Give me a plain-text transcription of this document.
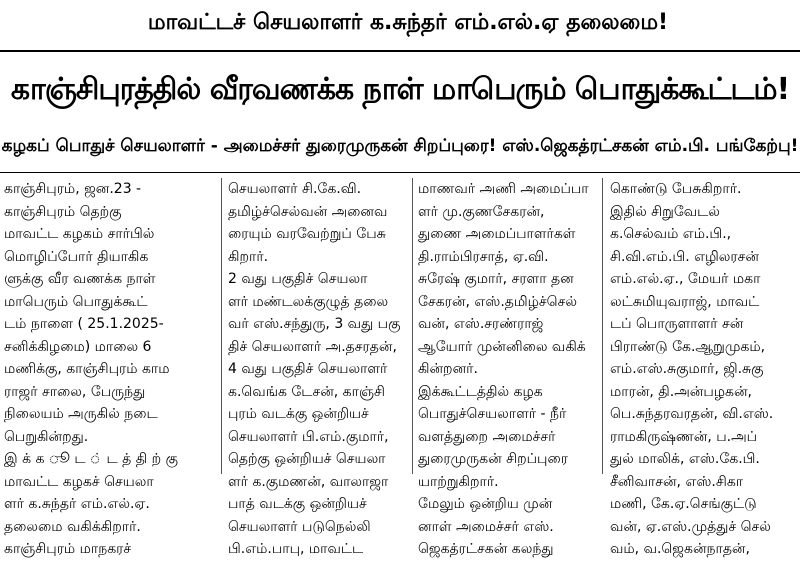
மாவட்டச் செயலாளர் க.சுந்தர் எம்.எல்.ஏ தலைமை!
காஞ்சிபுரத்தில் வீரவணக்க நாள் மாபெரும் பொதுக்கூட்டம்!
கழகப் பொதுச் செயலாளர் - அமைச்சர் துரைமுருகன் சிறப்புரை! எஸ்.ஜெகத்ரட்சகன் எம்.பி. பங்கேற்பு!
காஞ்சிபுரம், ஜன.23 -
காஞ்சிபுரம் தெற்கு
மாவட்ட கழகம் சார்பில்
மொழிப்போர் தியாகிக
ளுக்கு வீர வணக்க நாள்
மாபெரும் பொதுக்கூட்
டம் நாளை ( 25.1.2025-
சனிக்கிழமை) மாலை 6
மணிக்கு, காஞ்சிபுரம் காம
ராஜர் சாலை, பேருந்து
நிலையம் அருகில் நடை
பெறுகின்றது.
இ க் க ூ ட ் ட த் தி ற் கு
மாவட்ட கழகச் செயலா
ளர் க.சுந்தர் எம்.எல்.ஏ.
தலைமை வகிக்கிறார்.
காஞ்சிபுரம் மாநகரச்
செயலாளர் சி.கே.வி.
தமிழ்ச்செல்வன் அனைவ
ரையும் வரவேற்றுப் பேசு
கிறார்.
2 வது பகுதிச் செயலா
ளர் மண்டலக்குழுத் தலை
வர் எஸ்.சந்துரு, 3 வது பகு
திச் செயலாளர் அ.தசரதன்,
4 வது பகுதிச் செயலாளர்
க.வெங்க டேசன், காஞ்சி
புரம் வடக்கு ஒன்றியச்
செயலாளர் பி.எம்.குமார்,
தெற்கு ஒன்றியச் செயலா
ளர் க.குமணன், வாலாஜா
பாத் வடக்கு ஒன்றியச்
செயலாளர் படுநெல்லி
பி.எம்.பாபு, மாவட்ட
மாணவர் அணி அமைப்பா
ளர் மு.குணசேகரன்,
துணை அமைப்பாளர்கள்
தி.ராம்பிரசாத், ஏ.வி.
சுரேஷ் குமார், சரளா தன
சேகரன், எஸ்.தமிழ்ச்செல்
வன், எஸ்.சரண்ராஜ்
ஆயோர் முன்னிலை வகிக்
கின்றனர்.
இக்கூட்டத்தில் கழக
பொதுச்செயலாளர் - நீர்
வளத்துறை அமைச்சர்
துரைமுருகன் சிறப்புரை
யாற்றுகிறார்.
மேலும் ஒன்றிய முன்
னாள் அமைச்சர் எஸ்.
ஜெகத்ரட்சகன் கலந்து
கொண்டு பேசுகிறார்.
இதில் சிறுவேடல்
க.செல்வம் எம்.பி.,
சி.வி.எம்.பி. எழிலரசன்
எம்.எல்.ஏ., மேயர் மகா
லட்சுமியுவராஜ், மாவட்
டப் பொருளாளர் சன்
பிராண்டு கே.ஆறுமுகம்,
எம்.எஸ்.சுகுமார், ஜி.சுகு
மாரன், தி.அன்பழகன்,
பெ.சுந்தரவரதன், வி.எஸ்.
ராமகிருஷ்ணன், ப.அப்
துல் மாலிக், எஸ்.கே.பி.
சீனிவாசன், எஸ்.சிகா
மணி, கே.ஏ.செங்குட்டு
வன், ஏ.எஸ்.முத்துச் செல்
வம், வ.ஜெகன்நாதன்,
